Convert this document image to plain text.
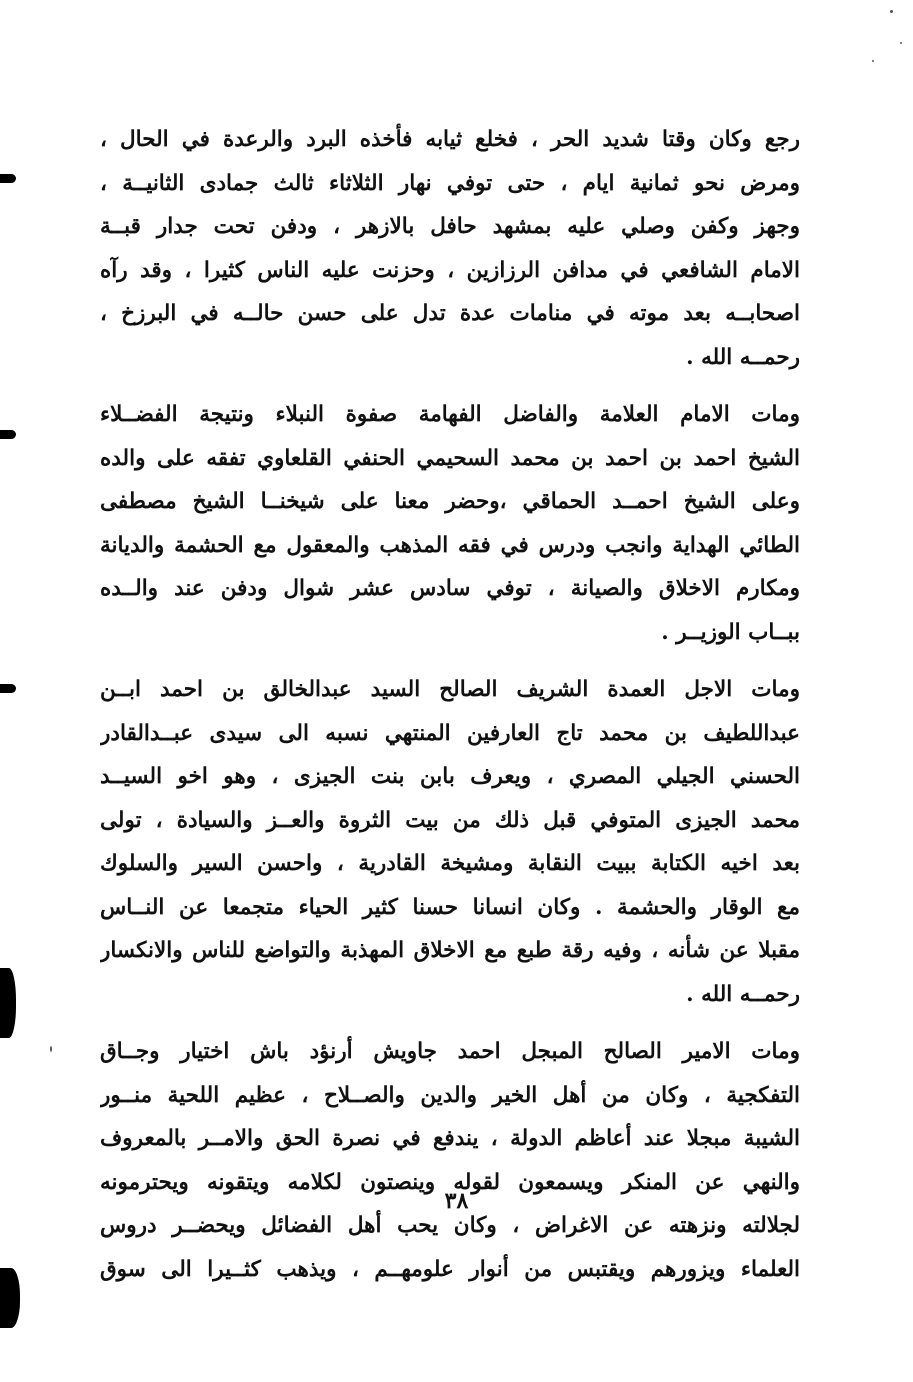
رجع وكان وقتا شديد الحر ، فخلع ثيابه فأخذه البرد والرعدة في الحال ،
ومرض نحو ثمانية ايام ، حتى توفي نهار الثلاثاء ثالث جمادى الثانيــة ،
وجهز وكفن وصلي عليه بمشهد حافل بالازهر ، ودفن تحت جدار قبــة
الامام الشافعي في مدافن الرزازين ، وحزنت عليه الناس كثيرا ، وقد رآه
اصحابــه بعد موته في منامات عدة تدل على حسن حالــه في البرزخ ،
رحمــه الله .
ومات الامام العلامة والفاضل الفهامة صفوة النبلاء ونتيجة الفضــلاء
الشيخ احمد بن احمد بن محمد السحيمي الحنفي القلعاوي تفقه على والده
وعلى الشيخ احمــد الحماقي ،وحضر معنا على شيخنــا الشيخ مصطفى
الطائي الهداية وانجب ودرس في فقه المذهب والمعقول مع الحشمة والديانة
ومكارم الاخلاق والصيانة ، توفي سادس عشر شوال ودفن عند والــده
ببــاب الوزيــر .
ومات الاجل العمدة الشريف الصالح السيد عبدالخالق بن احمد ابــن
عبداللطيف بن محمد تاج العارفين المنتهي نسبه الى سيدى عبــدالقادر
الحسني الجيلي المصري ، ويعرف بابن بنت الجيزى ، وهو اخو السيــد
محمد الجيزى المتوفي قبل ذلك من بيت الثروة والعــز والسيادة ، تولى
بعد اخيه الكتابة ببيت النقابة ومشيخة القادرية ، واحسن السير والسلوك
مع الوقار والحشمة . وكان انسانا حسنا كثير الحياء متجمعا عن النــاس
مقبلا عن شأنه ، وفيه رقة طبع مع الاخلاق المهذبة والتواضع للناس والانكسار
رحمــه الله .
ومات الامير الصالح المبجل احمد جاويش أرنؤد باش اختيار وجــاق
التفكجية ، وكان من أهل الخير والدين والصــلاح ، عظيم اللحية منــور
الشيبة مبجلا عند أعاظم الدولة ، يندفع في نصرة الحق والامــر بالمعروف
والنهي عن المنكر ويسمعون لقوله وينصتون لكلامه ويتقونه ويحترمونه
لجلالته ونزهته عن الاغراض ، وكان يحب أهل الفضائل ويحضــر دروس
العلماء ويزورهم ويقتبس من أنوار علومهــم ، ويذهب كثــيرا الى سوق
٣٨
